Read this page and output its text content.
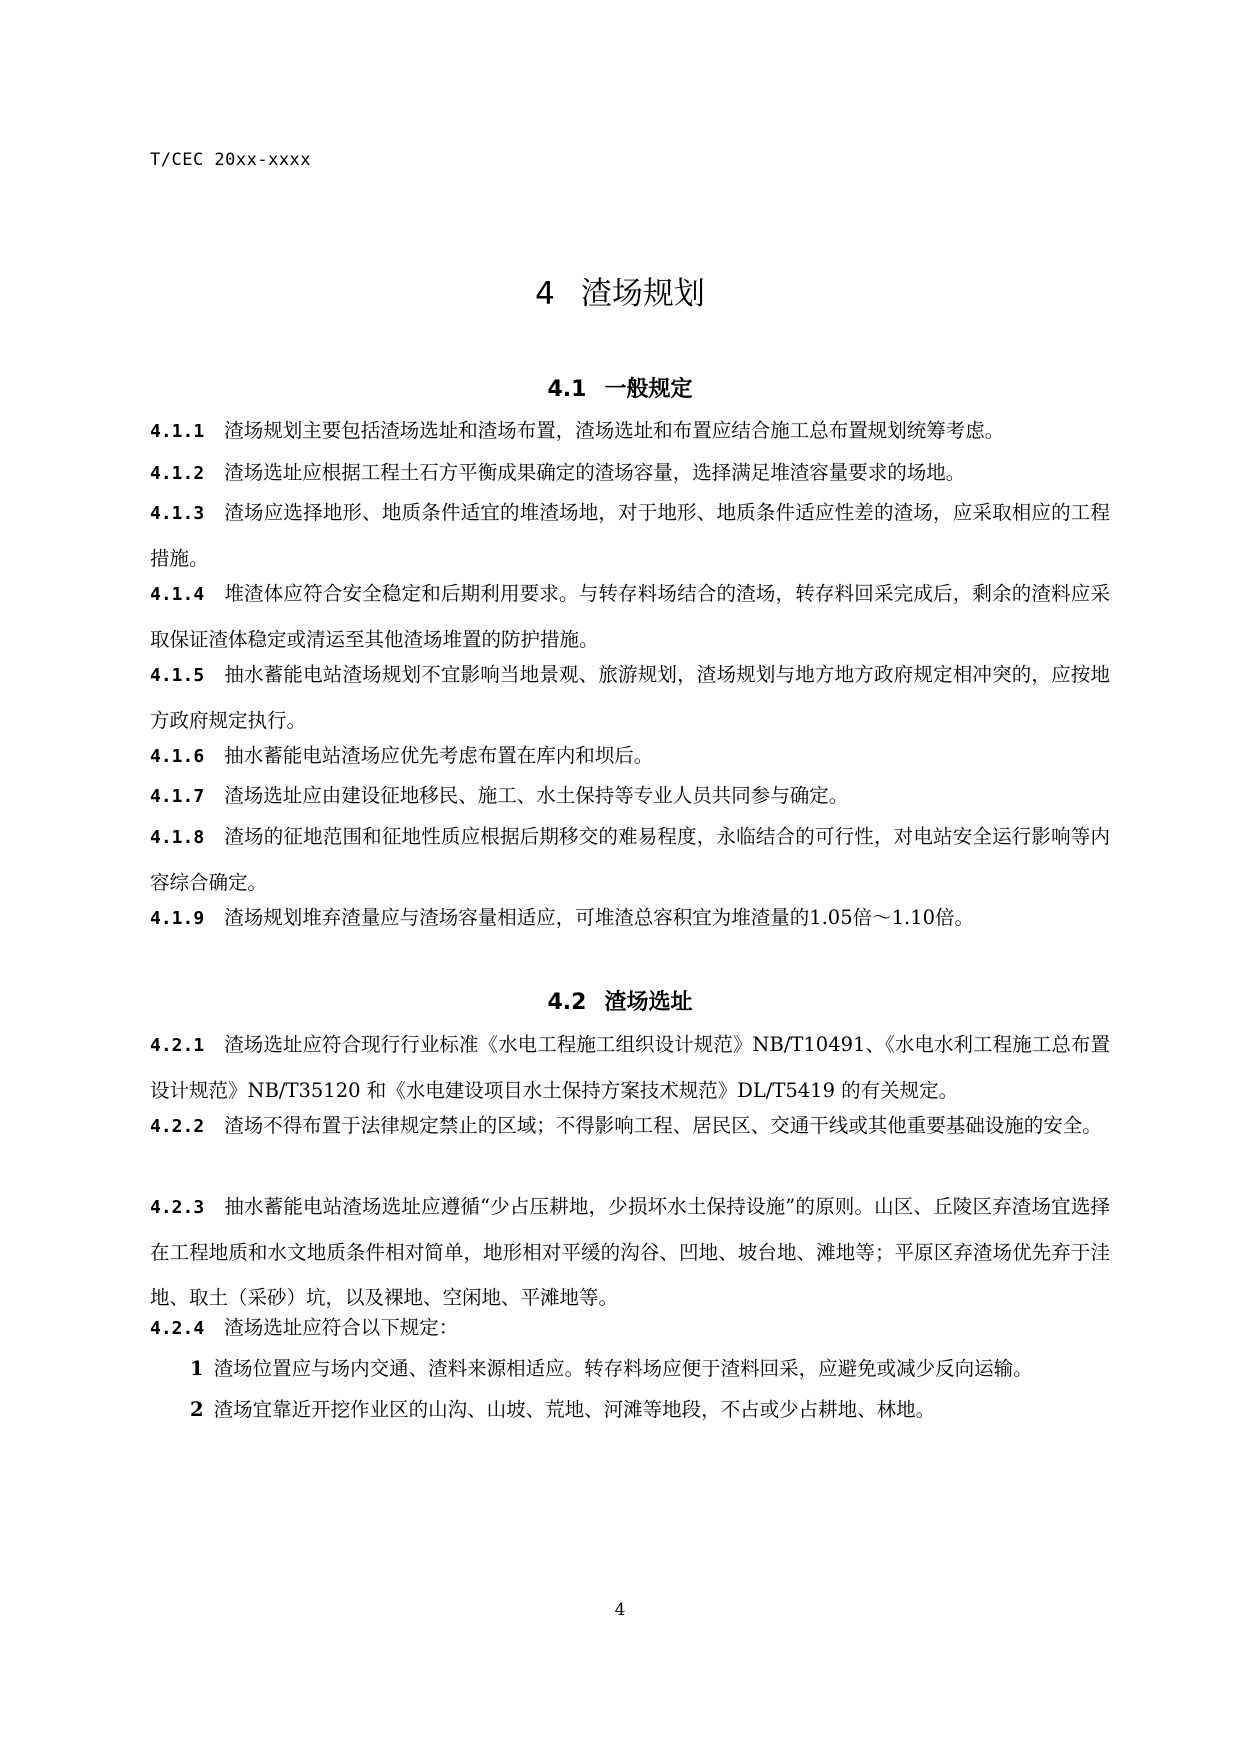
T/CEC 20xx-xxxx
4 渣场规划
4.1 一般规定
4.1.1 渣场规划主要包括渣场选址和渣场布置，渣场选址和布置应结合施工总布置规划统筹考虑。
4.1.2 渣场选址应根据工程土石方平衡成果确定的渣场容量，选择满足堆渣容量要求的场地。
4.1.3 渣场应选择地形、地质条件适宜的堆渣场地，对于地形、地质条件适应性差的渣场，应采取相应的工程措施。
4.1.4 堆渣体应符合安全稳定和后期利用要求。与转存料场结合的渣场，转存料回采完成后，剩余的渣料应采取保证渣体稳定或清运至其他渣场堆置的防护措施。
4.1.5 抽水蓄能电站渣场规划不宜影响当地景观、旅游规划，渣场规划与地方地方政府规定相冲突的，应按地方政府规定执行。
4.1.6 抽水蓄能电站渣场应优先考虑布置在库内和坝后。
4.1.7 渣场选址应由建设征地移民、施工、水土保持等专业人员共同参与确定。
4.1.8 渣场的征地范围和征地性质应根据后期移交的难易程度，永临结合的可行性，对电站安全运行影响等内容综合确定。
4.1.9 渣场规划堆弃渣量应与渣场容量相适应，可堆渣总容积宜为堆渣量的1.05倍～1.10倍。
4.2 渣场选址
4.2.1 渣场选址应符合现行行业标准《水电工程施工组织设计规范》NB/T10491、《水电水利工程施工总布置设计规范》NB/T35120 和《水电建设项目水土保持方案技术规范》DL/T5419 的有关规定。
4.2.2 渣场不得布置于法律规定禁止的区域；不得影响工程、居民区、交通干线或其他重要基础设施的安全。
4.2.3 抽水蓄能电站渣场选址应遵循“少占压耕地，少损坏水土保持设施”的原则。山区、丘陵区弃渣场宜选择在工程地质和水文地质条件相对简单，地形相对平缓的沟谷、凹地、坡台地、滩地等；平原区弃渣场优先弃于洼地、取土（采砂）坑，以及裸地、空闲地、平滩地等。
4.2.4 渣场选址应符合以下规定：
1 渣场位置应与场内交通、渣料来源相适应。转存料场应便于渣料回采，应避免或减少反向运输。
2 渣场宜靠近开挖作业区的山沟、山坡、荒地、河滩等地段，不占或少占耕地、林地。
4
